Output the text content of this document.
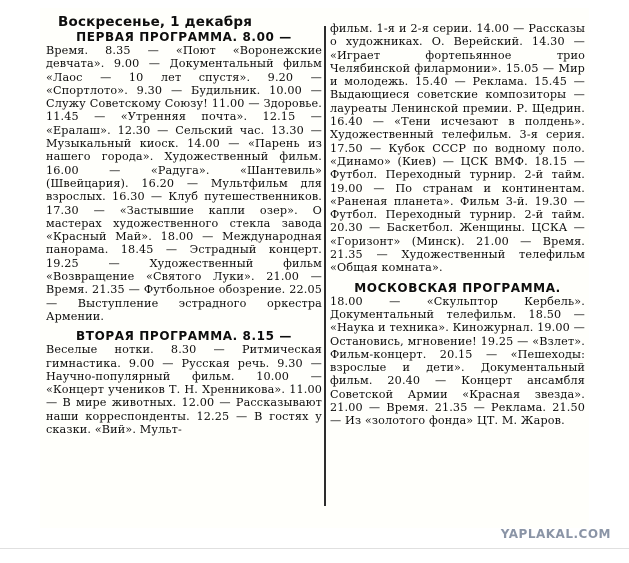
Воскресенье, 1 декабря
ПЕРВАЯ ПРОГРАММА. 8.00 —

Время. 8.35 — «Поют «Воронежские девчата». 9.00 — Документальный фильм «Лаос — 10 лет спустя». 9.20 — «Спортлото». 9.30 — Будильник. 10.00 — Служу Советскому Союзу! 11.00 — Здоровье. 11.45 — «Утренняя почта». 12.15 — «Ералаш». 12.30 — Сельский час. 13.30 — Музыкальный киоск. 14.00 — «Парень из нашего города». Художественный фильм. 16.00 — «Радуга». «Шантевиль» (Швейцария). 16.20 — Мультфильм для взрослых. 16.30 — Клуб путешественников. 17.30 — «Застывшие капли озер». О мастерах художественного стекла завода «Красный Май». 18.00 — Международная панорама. 18.45 — Эстрадный концерт. 19.25 — Художественный фильм «Возвращение «Святого Луки». 21.00 — Время. 21.35 — Футбольное обозрение. 22.05 — Выступление эстрадного оркестра Армении.

ВТОРАЯ ПРОГРАММА. 8.15 —

Веселые нотки. 8.30 — Ритмическая гимнастика. 9.00 — Русская речь. 9.30 — Научно-популярный фильм. 10.00 — «Концерт учеников Т. Н. Хренникова». 11.00 — В мире животных. 12.00 — Рассказывают наши корреспонденты. 12.25 — В гостях у сказки. «Вий». Мульт-

фильм. 1-я и 2-я серии. 14.00 — Рассказы о художниках. О. Верейский. 14.30 — «Играет фортепьянное трио Челябинской филармонии». 15.05 — Мир и молодежь. 15.40 — Реклама. 15.45 — Выдающиеся советские композиторы — лауреаты Ленинской премии. Р. Щедрин. 16.40 — «Тени исчезают в полдень». Художественный телефильм. 3-я серия. 17.50 — Кубок СССР по водному поло. «Динамо» (Киев) — ЦСК ВМФ. 18.15 — Футбол. Переходный турнир. 2-й тайм. 19.00 — По странам и континентам. «Раненая планета». Фильм 3-й. 19.30 — Футбол. Переходный турнир. 2-й тайм. 20.30 — Баскетбол. Женщины. ЦСКА — «Горизонт» (Минск). 21.00 — Время. 21.35 — Художественный телефильм «Общая комната».

МОСКОВСКАЯ ПРОГРАММА.

18.00 — «Скульптор Кербель». Документальный телефильм. 18.50 — «Наука и техника». Киножурнал. 19.00 — Остановись, мгновение! 19.25 — «Взлет». Фильм-концерт. 20.15 — «Пешеходы: взрослые и дети». Документальный фильм. 20.40 — Концерт ансамбля Советской Армии «Красная звезда». 21.00 — Время. 21.35 — Реклама. 21.50 — Из «золотого фонда» ЦТ. М. Жаров.

YAPLAKAL.COM
